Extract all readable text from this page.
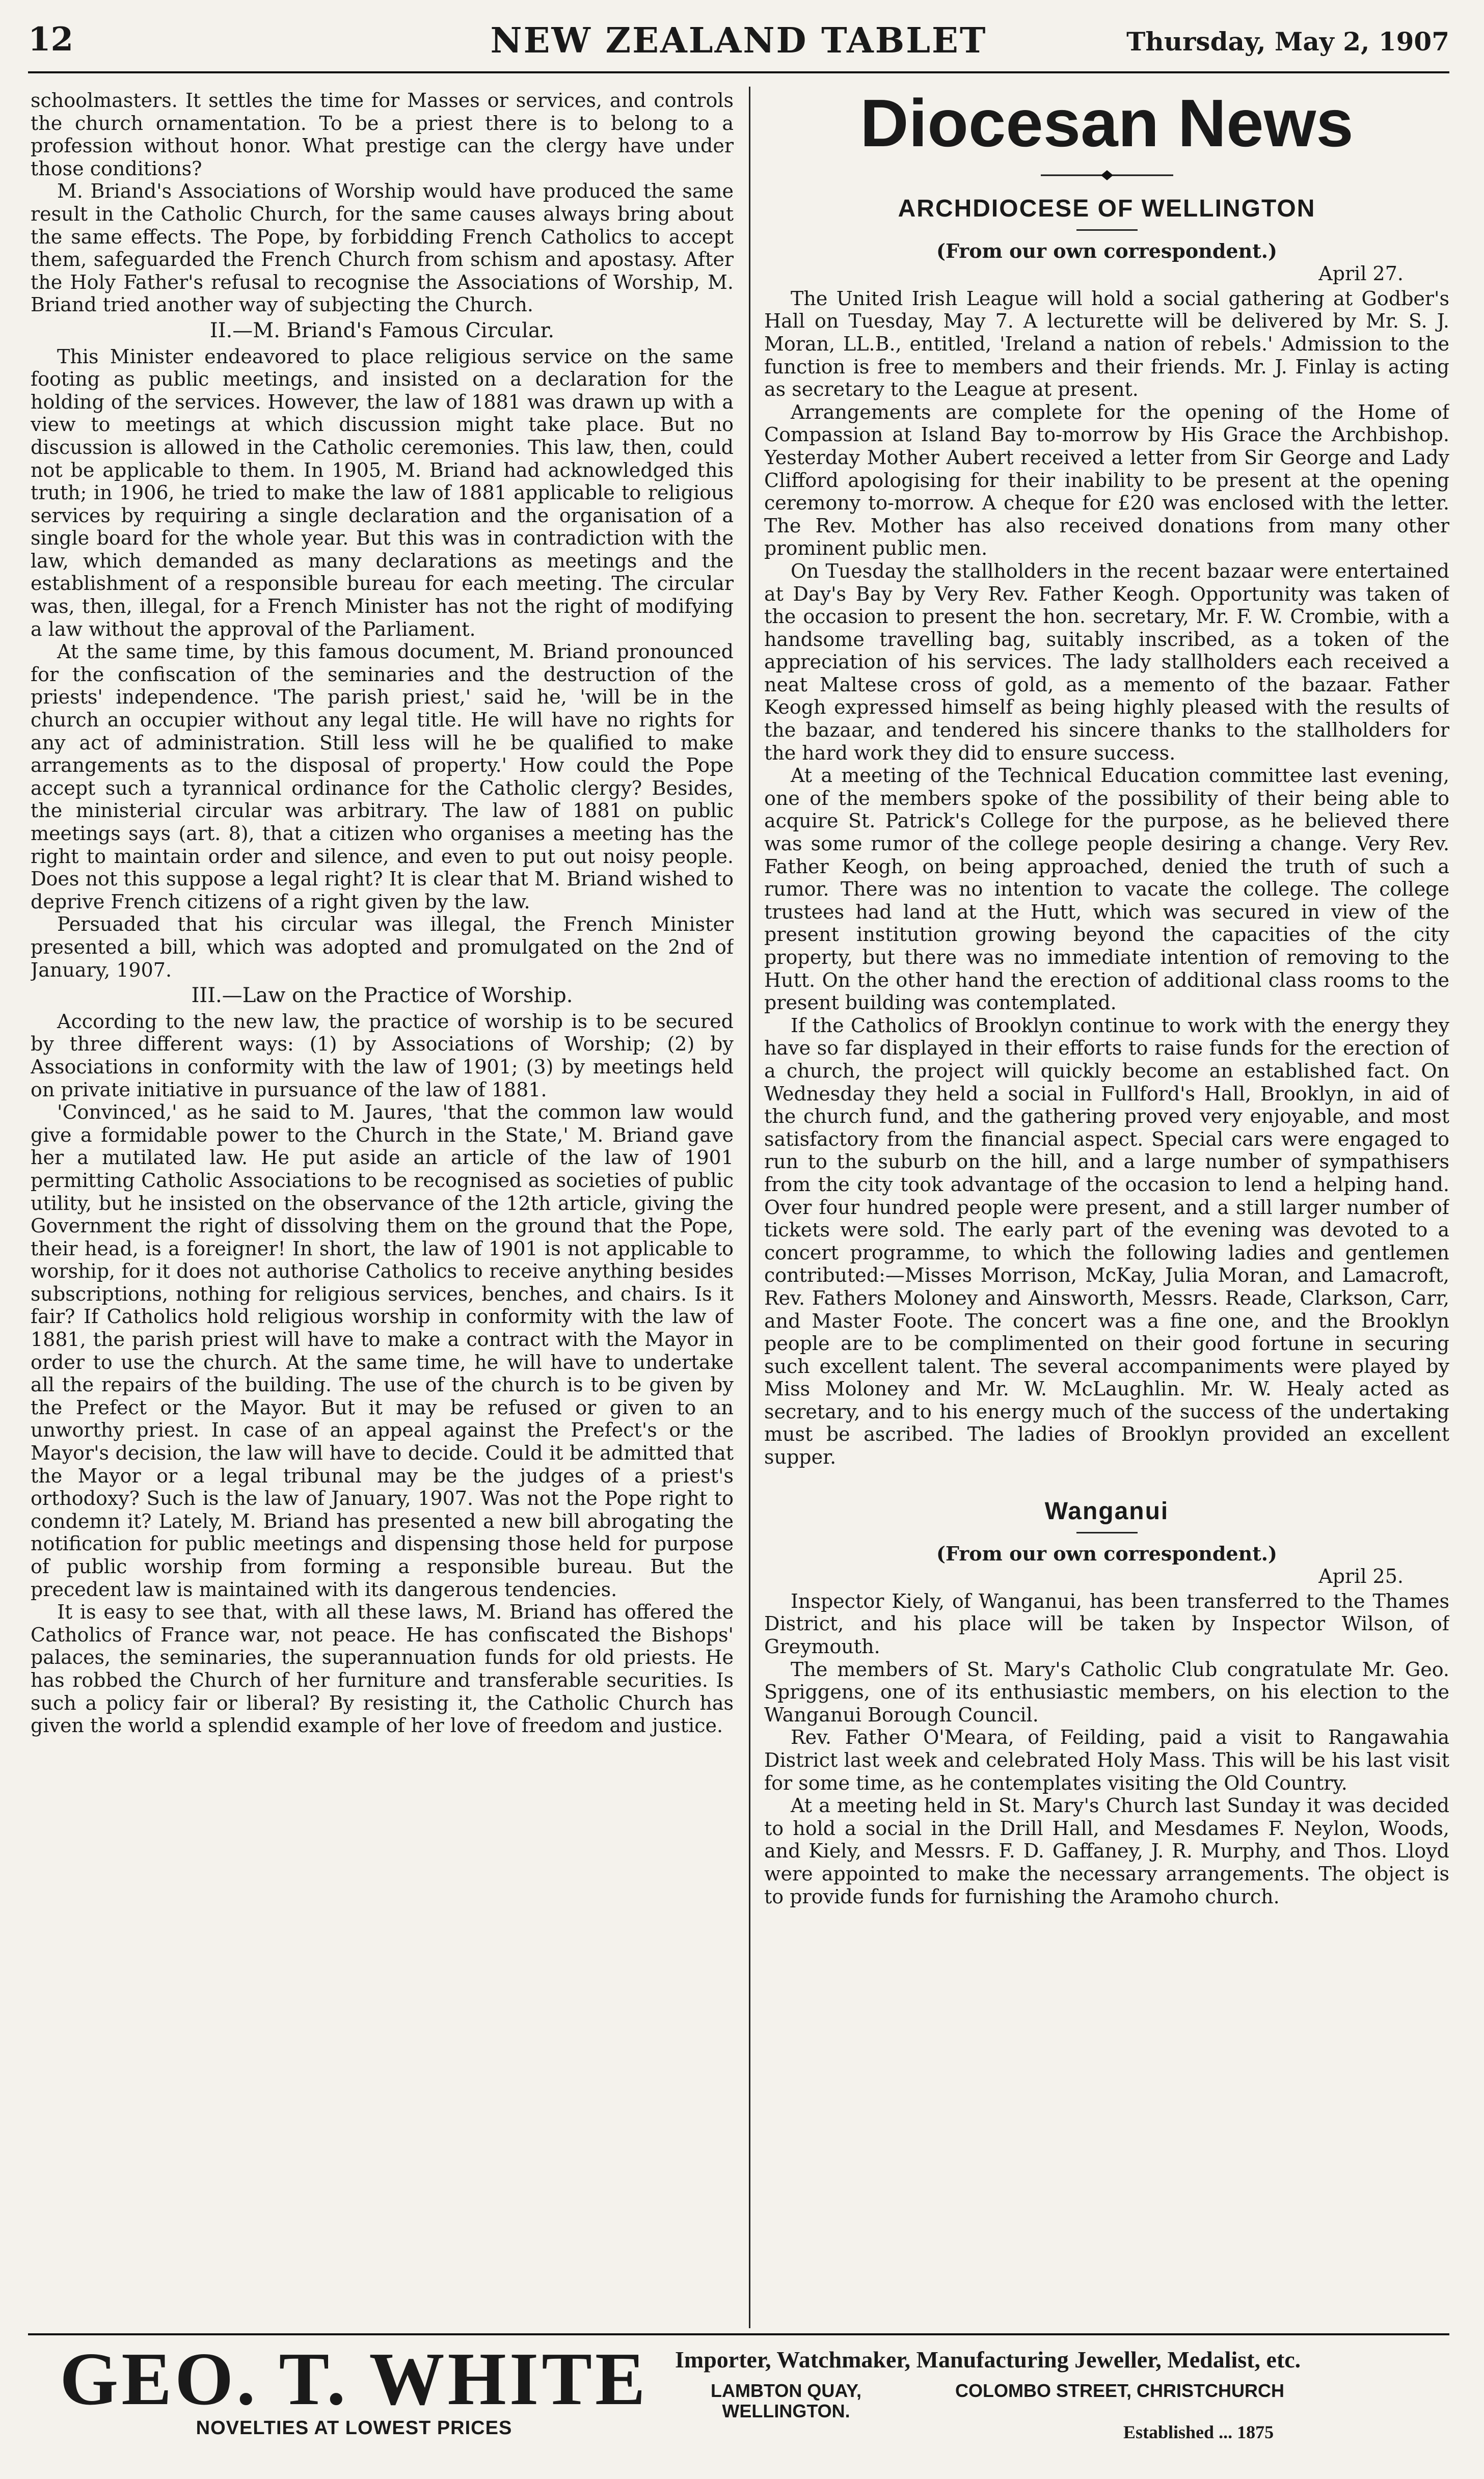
12	NEW ZEALAND TABLET	Thursday, May 2, 1907

schoolmasters. It settles the time for Masses or services, and controls the church ornamentation. To be a priest there is to belong to a profession without honor. What prestige can the clergy have under those conditions?

M. Briand's Associations of Worship would have produced the same result in the Catholic Church, for the same causes always bring about the same effects. The Pope, by forbidding French Catholics to accept them, safeguarded the French Church from schism and apostasy. After the Holy Father's refusal to recognise the Associations of Worship, M. Briand tried another way of subjecting the Church.

II.—M. Briand's Famous Circular.

This Minister endeavored to place religious service on the same footing as public meetings, and insisted on a declaration for the holding of the services. However, the law of 1881 was drawn up with a view to meetings at which discussion might take place. But no discussion is allowed in the Catholic ceremonies. This law, then, could not be applicable to them. In 1905, M. Briand had acknowledged this truth; in 1906, he tried to make the law of 1881 applicable to religious services by requiring a single declaration and the organisation of a single board for the whole year. But this was in contradiction with the law, which demanded as many declarations as meetings and the establishment of a responsible bureau for each meeting. The circular was, then, illegal, for a French Minister has not the right of modifying a law without the approval of the Parliament.

At the same time, by this famous document, M. Briand pronounced for the confiscation of the seminaries and the destruction of the priests' independence. 'The parish priest,' said he, 'will be in the church an occupier without any legal title. He will have no rights for any act of administration. Still less will he be qualified to make arrangements as to the disposal of property.' How could the Pope accept such a tyrannical ordinance for the Catholic clergy? Besides, the ministerial circular was arbitrary. The law of 1881 on public meetings says (art. 8), that a citizen who organises a meeting has the right to maintain order and silence, and even to put out noisy people. Does not this suppose a legal right? It is clear that M. Briand wished to deprive French citizens of a right given by the law.

Persuaded that his circular was illegal, the French Minister presented a bill, which was adopted and promulgated on the 2nd of January, 1907.

III.—Law on the Practice of Worship.

According to the new law, the practice of worship is to be secured by three different ways: (1) by Associations of Worship; (2) by Associations in conformity with the law of 1901; (3) by meetings held on private initiative in pursuance of the law of 1881.

'Convinced,' as he said to M. Jaures, 'that the common law would give a formidable power to the Church in the State,' M. Briand gave her a mutilated law. He put aside an article of the law of 1901 permitting Catholic Associations to be recognised as societies of public utility, but he insisted on the observance of the 12th article, giving the Government the right of dissolving them on the ground that the Pope, their head, is a foreigner! In short, the law of 1901 is not applicable to worship, for it does not authorise Catholics to receive anything besides subscriptions, nothing for religious services, benches, and chairs. Is it fair? If Catholics hold religious worship in conformity with the law of 1881, the parish priest will have to make a contract with the Mayor in order to use the church. At the same time, he will have to undertake all the repairs of the building. The use of the church is to be given by the Prefect or the Mayor. But it may be refused or given to an unworthy priest. In case of an appeal against the Prefect's or the Mayor's decision, the law will have to decide. Could it be admitted that the Mayor or a legal tribunal may be the judges of a priest's orthodoxy? Such is the law of January, 1907. Was not the Pope right to condemn it? Lately, M. Briand has presented a new bill abrogating the notification for public meetings and dispensing those held for purpose of public worship from forming a responsible bureau. But the precedent law is maintained with its dangerous tendencies.

It is easy to see that, with all these laws, M. Briand has offered the Catholics of France war, not peace. He has confiscated the Bishops' palaces, the seminaries, the superannuation funds for old priests. He has robbed the Church of her furniture and transferable securities. Is such a policy fair or liberal? By resisting it, the Catholic Church has given the world a splendid example of her love of freedom and justice.

Diocesan News
ARCHDIOCESE OF WELLINGTON
(From our own correspondent.)
April 27.

The United Irish League will hold a social gathering at Godber's Hall on Tuesday, May 7. A lecturette will be delivered by Mr. S. J. Moran, LL.B., entitled, 'Ireland a nation of rebels.' Admission to the function is free to members and their friends. Mr. J. Finlay is acting as secretary to the League at present.

Arrangements are complete for the opening of the Home of Compassion at Island Bay to-morrow by His Grace the Archbishop. Yesterday Mother Aubert received a letter from Sir George and Lady Clifford apologising for their inability to be present at the opening ceremony to-morrow. A cheque for £20 was enclosed with the letter. The Rev. Mother has also received donations from many other prominent public men.

On Tuesday the stallholders in the recent bazaar were entertained at Day's Bay by Very Rev. Father Keogh. Opportunity was taken of the occasion to present the hon. secretary, Mr. F. W. Crombie, with a handsome travelling bag, suitably inscribed, as a token of the appreciation of his services. The lady stallholders each received a neat Maltese cross of gold, as a memento of the bazaar. Father Keogh expressed himself as being highly pleased with the results of the bazaar, and tendered his sincere thanks to the stallholders for the hard work they did to ensure success.

At a meeting of the Technical Education committee last evening, one of the members spoke of the possibility of their being able to acquire St. Patrick's College for the purpose, as he believed there was some rumor of the college people desiring a change. Very Rev. Father Keogh, on being approached, denied the truth of such a rumor. There was no intention to vacate the college. The college trustees had land at the Hutt, which was secured in view of the present institution growing beyond the capacities of the city property, but there was no immediate intention of removing to the Hutt. On the other hand the erection of additional class rooms to the present building was contemplated.

If the Catholics of Brooklyn continue to work with the energy they have so far displayed in their efforts to raise funds for the erection of a church, the project will quickly become an established fact. On Wednesday they held a social in Fullford's Hall, Brooklyn, in aid of the church fund, and the gathering proved very enjoyable, and most satisfactory from the financial aspect. Special cars were engaged to run to the suburb on the hill, and a large number of sympathisers from the city took advantage of the occasion to lend a helping hand. Over four hundred people were present, and a still larger number of tickets were sold. The early part of the evening was devoted to a concert programme, to which the following ladies and gentlemen contributed:—Misses Morrison, McKay, Julia Moran, and Lamacroft, Rev. Fathers Moloney and Ainsworth, Messrs. Reade, Clarkson, Carr, and Master Foote. The concert was a fine one, and the Brooklyn people are to be complimented on their good fortune in securing such excellent talent. The several accompaniments were played by Miss Moloney and Mr. W. McLaughlin. Mr. W. Healy acted as secretary, and to his energy much of the success of the undertaking must be ascribed. The ladies of Brooklyn provided an excellent supper.

Wanganui
(From our own correspondent.)
April 25.

Inspector Kiely, of Wanganui, has been transferred to the Thames District, and his place will be taken by Inspector Wilson, of Greymouth.

The members of St. Mary's Catholic Club congratulate Mr. Geo. Spriggens, one of its enthusiastic members, on his election to the Wanganui Borough Council.

Rev. Father O'Meara, of Feilding, paid a visit to Rangawahia District last week and celebrated Holy Mass. This will be his last visit for some time, as he contemplates visiting the Old Country.

At a meeting held in St. Mary's Church last Sunday it was decided to hold a social in the Drill Hall, and Mesdames F. Neylon, Woods, and Kiely, and Messrs. F. D. Gaffaney, J. R. Murphy, and Thos. Lloyd were appointed to make the necessary arrangements. The object is to provide funds for furnishing the Aramoho church.

GEO. T. WHITE
NOVELTIES AT LOWEST PRICES
Importer, Watchmaker, Manufacturing Jeweller, Medalist, etc.
LAMBTON QUAY,
WELLINGTON.
COLOMBO STREET, CHRISTCHURCH
Established ... 1875
